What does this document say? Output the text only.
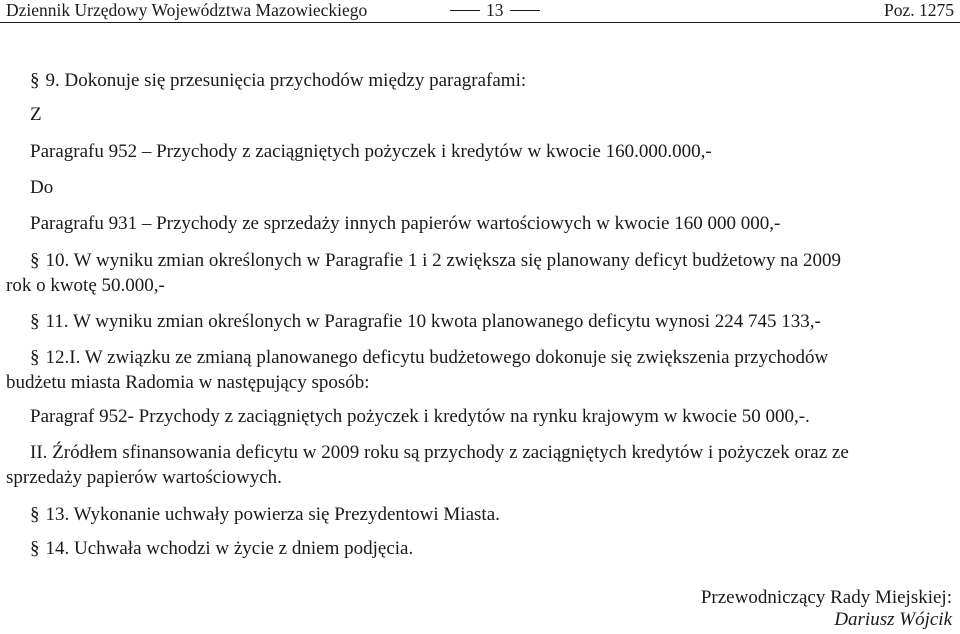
Dziennik Urzędowy Województwa Mazowieckiego	13	Poz. 1275
§ 9. Dokonuje się przesunięcia przychodów między paragrafami:
Z
Paragrafu 952 – Przychody z zaciągniętych pożyczek i kredytów w kwocie 160.000.000,-
Do
Paragrafu 931 – Przychody ze sprzedaży innych papierów wartościowych w kwocie 160 000 000,-
§ 10. W wyniku zmian określonych w Paragrafie 1 i 2 zwiększa się planowany deficyt budżetowy na 2009
rok o kwotę 50.000,-
§ 11. W wyniku zmian określonych w Paragrafie 10 kwota planowanego deficytu wynosi 224 745 133,-
§ 12.I. W związku ze zmianą planowanego deficytu budżetowego dokonuje się zwiększenia przychodów
budżetu miasta Radomia w następujący sposób:
Paragraf 952- Przychody z zaciągniętych pożyczek i kredytów na rynku krajowym w kwocie 50 000,-.
II. Źródłem sfinansowania deficytu w 2009 roku są przychody z zaciągniętych kredytów i pożyczek oraz ze
sprzedaży papierów wartościowych.
§ 13. Wykonanie uchwały powierza się Prezydentowi Miasta.
§ 14. Uchwała wchodzi w życie z dniem podjęcia.
Przewodniczący Rady Miejskiej:
Dariusz Wójcik
